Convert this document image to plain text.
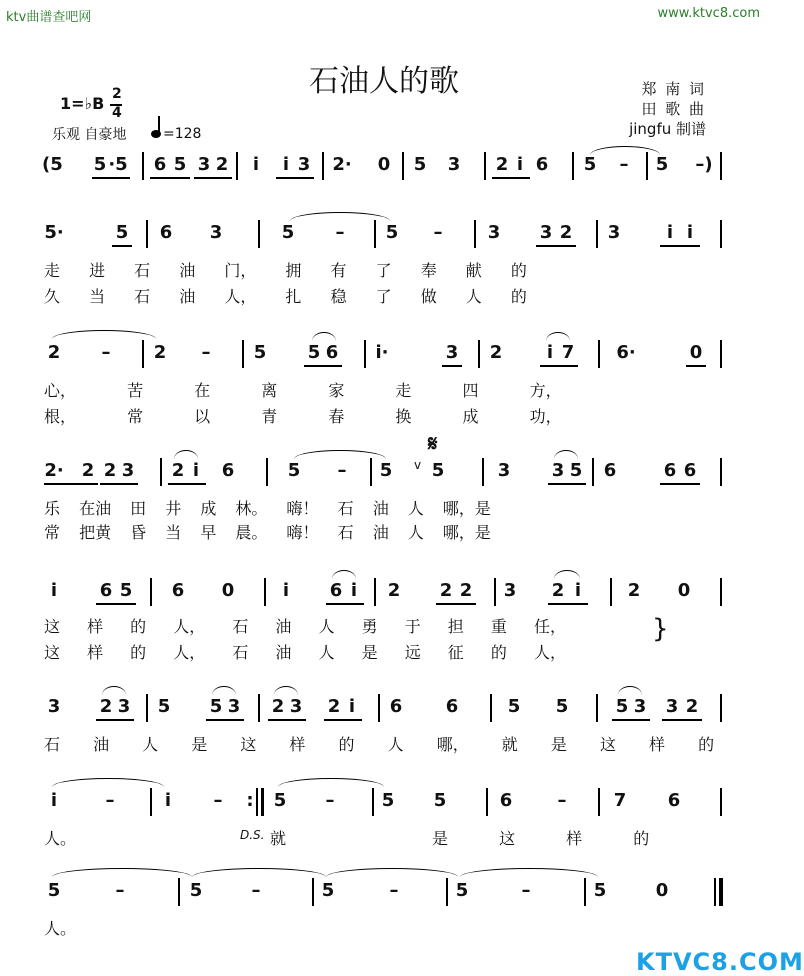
ktv曲谱查吧网	www.ktvc8.com
石油人的歌	郑 南 词
田 歌 曲
jingfu 制谱
1=♭B 2
4
乐观 自豪地	=128
(5 5 ·5 6 5 3 2	i	i 3 2· 0 5 3 2 i 6 5	–	5 –)
5·	5 6 3	5	–	5	–	3 3 2 3	i i
走 进 石 油 门， 拥 有 了 奉 献 的
久 当 石 油 人， 扎 稳 了 做 人 的
2	–	2	–	5 5 6 i·	3 2	i 7 6·	0
心， 苦 在 离 家 走 四 方，
根， 常 以 青 春 换 成 功，
2· 2 2 3 2 i	6	5	–	5	v
𝄋
5	3 3 5 6	6 6
乐 在油 田 井 成 林。 嗨！ 石 油 人 哪，是
常 把黄 昏 当 早 晨。 嗨！ 石 油 人 哪，是
i	6 5 6 0	i	6 i	2 2 2 3 2 i	2 0
这 样 的 人， 石 油 人 勇 于 担 重 任，
这 样 的 人， 石 油 人 是 远 征 的 人，
}
3 2 3 5 5 3 2 3 2 i	6 6	5 5	5 3 3 2
石 油 人 是 这 样 的 人 哪， 就 是 这 样 的
i	–	i	–	:	5	–	5 5	6	–	7 6
人。	D.S. 就	是 这 样 的
5	–	5	–	5	–	5	–	5	0
人。
KTVC8.COM
